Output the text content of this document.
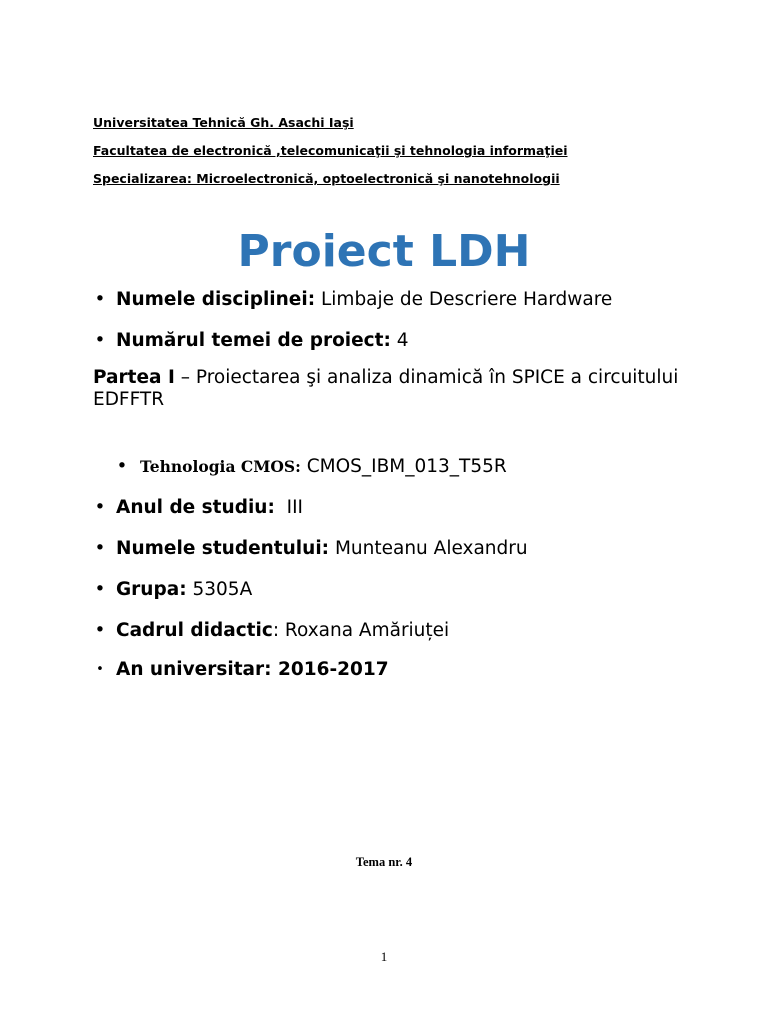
Universitatea Tehnică Gh. Asachi Iaşi
Facultatea de electronică ,telecomunicaţii şi tehnologia informaţiei
Specializarea: Microelectronică, optoelectronică şi nanotehnologii
Proiect LDH
• Numele disciplinei: Limbaje de Descriere Hardware
• Numărul temei de proiect: 4
Partea I – Proiectarea şi analiza dinamică în SPICE a circuitului EDFFTR
• Tehnologia CMOS: CMOS_IBM_013_T55R
• Anul de studiu:  III
• Numele studentului: Munteanu Alexandru
• Grupa: 5305A
• Cadrul didactic: Roxana Amăriuței
• An universitar: 2016-2017
Tema nr. 4
1
